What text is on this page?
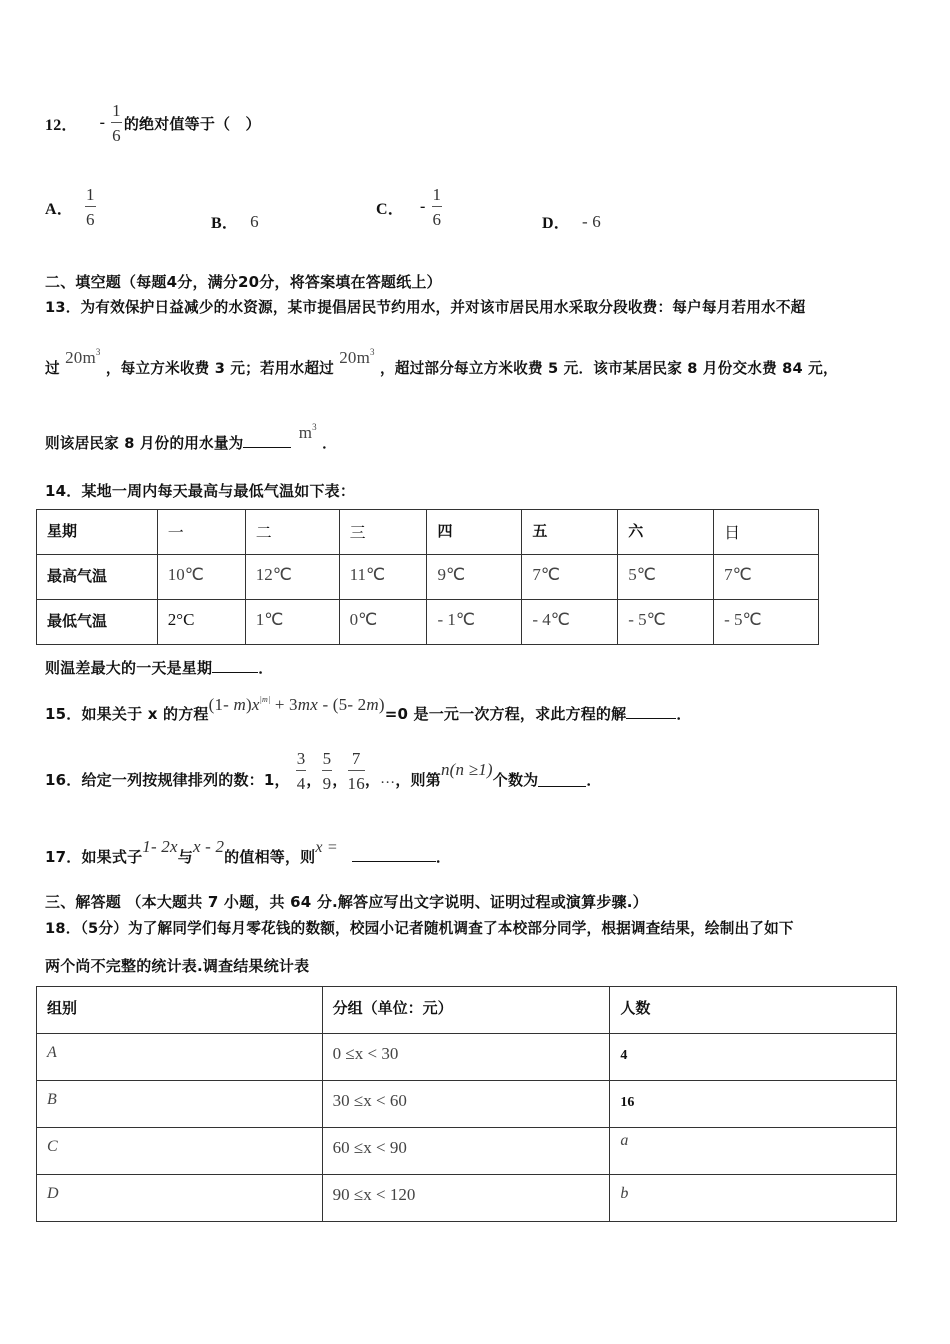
12． - $\frac{1}{6}$ 的绝对值等于（　）
A． $\frac{1}{6}$	B． 6
C． - $\frac{1}{6}$	D． - 6
二、填空题（每题4分，满分20分，将答案填在答题纸上）
13．为有效保护日益减少的水资源，某市提倡居民节约用水，并对该市居民用水采取分段收费：每户每月若用水不超
过 $20m^3$ ，每立方米收费 3 元；若用水超过 $20m^3$ ，超过部分每立方米收费 5 元．该市某居民家 8 月份交水费 84 元，
则该居民家 8 月份的用水量为 $m^3$ ．
14．某地一周内每天最高与最低气温如下表：
星期	一	二	三	四	五	六	日
最高气温	10℃	12℃	11℃	9℃	7℃	5℃	7℃
最低气温	2°C	1℃	0℃	- 1℃	- 4℃	- 5℃	- 5℃
则温差最大的一天是星期	．
15．如果关于 x 的方程(1- $m)x^{|m|} + 3mx - (5-$ 2m)=0 是一元一次方程，求此方程的解	．
16．给定一列按规律排列的数：1， $\frac{3}{4}$ ， $\frac{5}{9}$ ， $\frac{7}{16}$ ， … ，则第
n(n ≥1)
个数为	．
17．如果式子1- 2x与x - 2的值相等，则x =．
三、解答题 （本大题共 7 小题，共 64 分.解答应写出文字说明、证明过程或演算步骤.）
18．（5分）为了解同学们每月零花钱的数额，校园小记者随机调查了本校部分同学，根据调查结果，绘制出了如下
两个尚不完整的统计表.调查结果统计表
组别	分组（单位：元）	人数
A	0 ≤x < 30	4
B	30 ≤x < 60	16
C	60 ≤x < 90	a
D	90 ≤x < 120	b
